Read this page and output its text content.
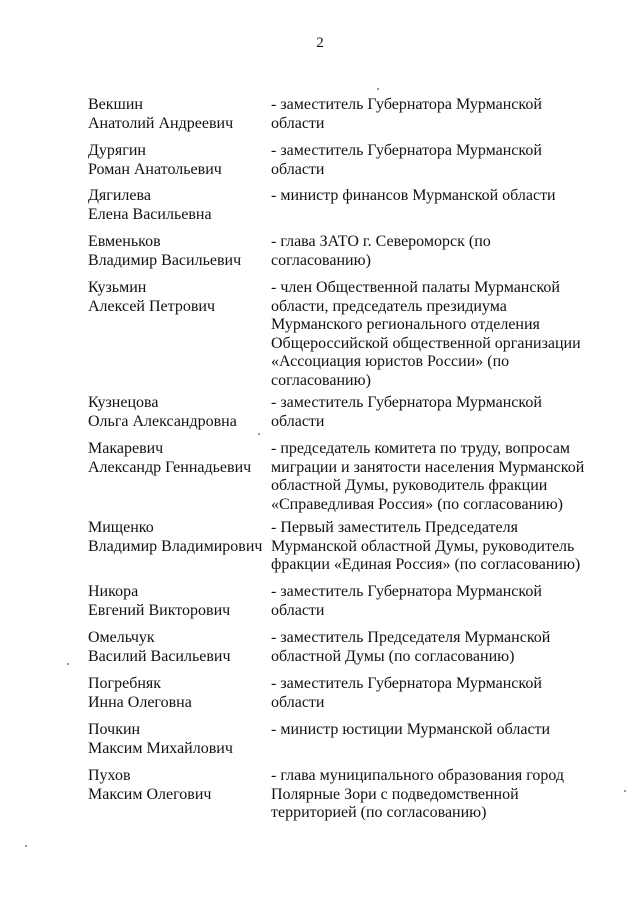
2
Векшин
Анатолий Андреевич
- заместитель Губернатора Мурманской
области
Дурягин
Роман Анатольевич
- заместитель Губернатора Мурманской
области
Дягилева
Елена Васильевна
- министр финансов Мурманской области
Евменьков
Владимир Васильевич
- глава ЗАТО г. Североморск (по
согласованию)
Кузьмин
Алексей Петрович
- член Общественной палаты Мурманской
области, председатель президиума
Мурманского регионального отделения
Общероссийской общественной организации
«Ассоциация юристов России» (по
согласованию)
Кузнецова
Ольга Александровна
- заместитель Губернатора Мурманской
области
Макаревич
Александр Геннадьевич
- председатель комитета по труду, вопросам
миграции и занятости населения Мурманской
областной Думы, руководитель фракции
«Справедливая Россия» (по согласованию)
Мищенко
Владимир Владимирович
- Первый заместитель Председателя
Мурманской областной Думы, руководитель
фракции «Единая Россия» (по согласованию)
Никора
Евгений Викторович
- заместитель Губернатора Мурманской
области
Омельчук
Василий Васильевич
- заместитель Председателя Мурманской
областной Думы (по согласованию)
Погребняк
Инна Олеговна
- заместитель Губернатора Мурманской
области
Почкин
Максим Михайлович
- министр юстиции Мурманской области
Пухов
Максим Олегович
- глава муниципального образования город
Полярные Зори с подведомственной
территорией (по согласованию)
